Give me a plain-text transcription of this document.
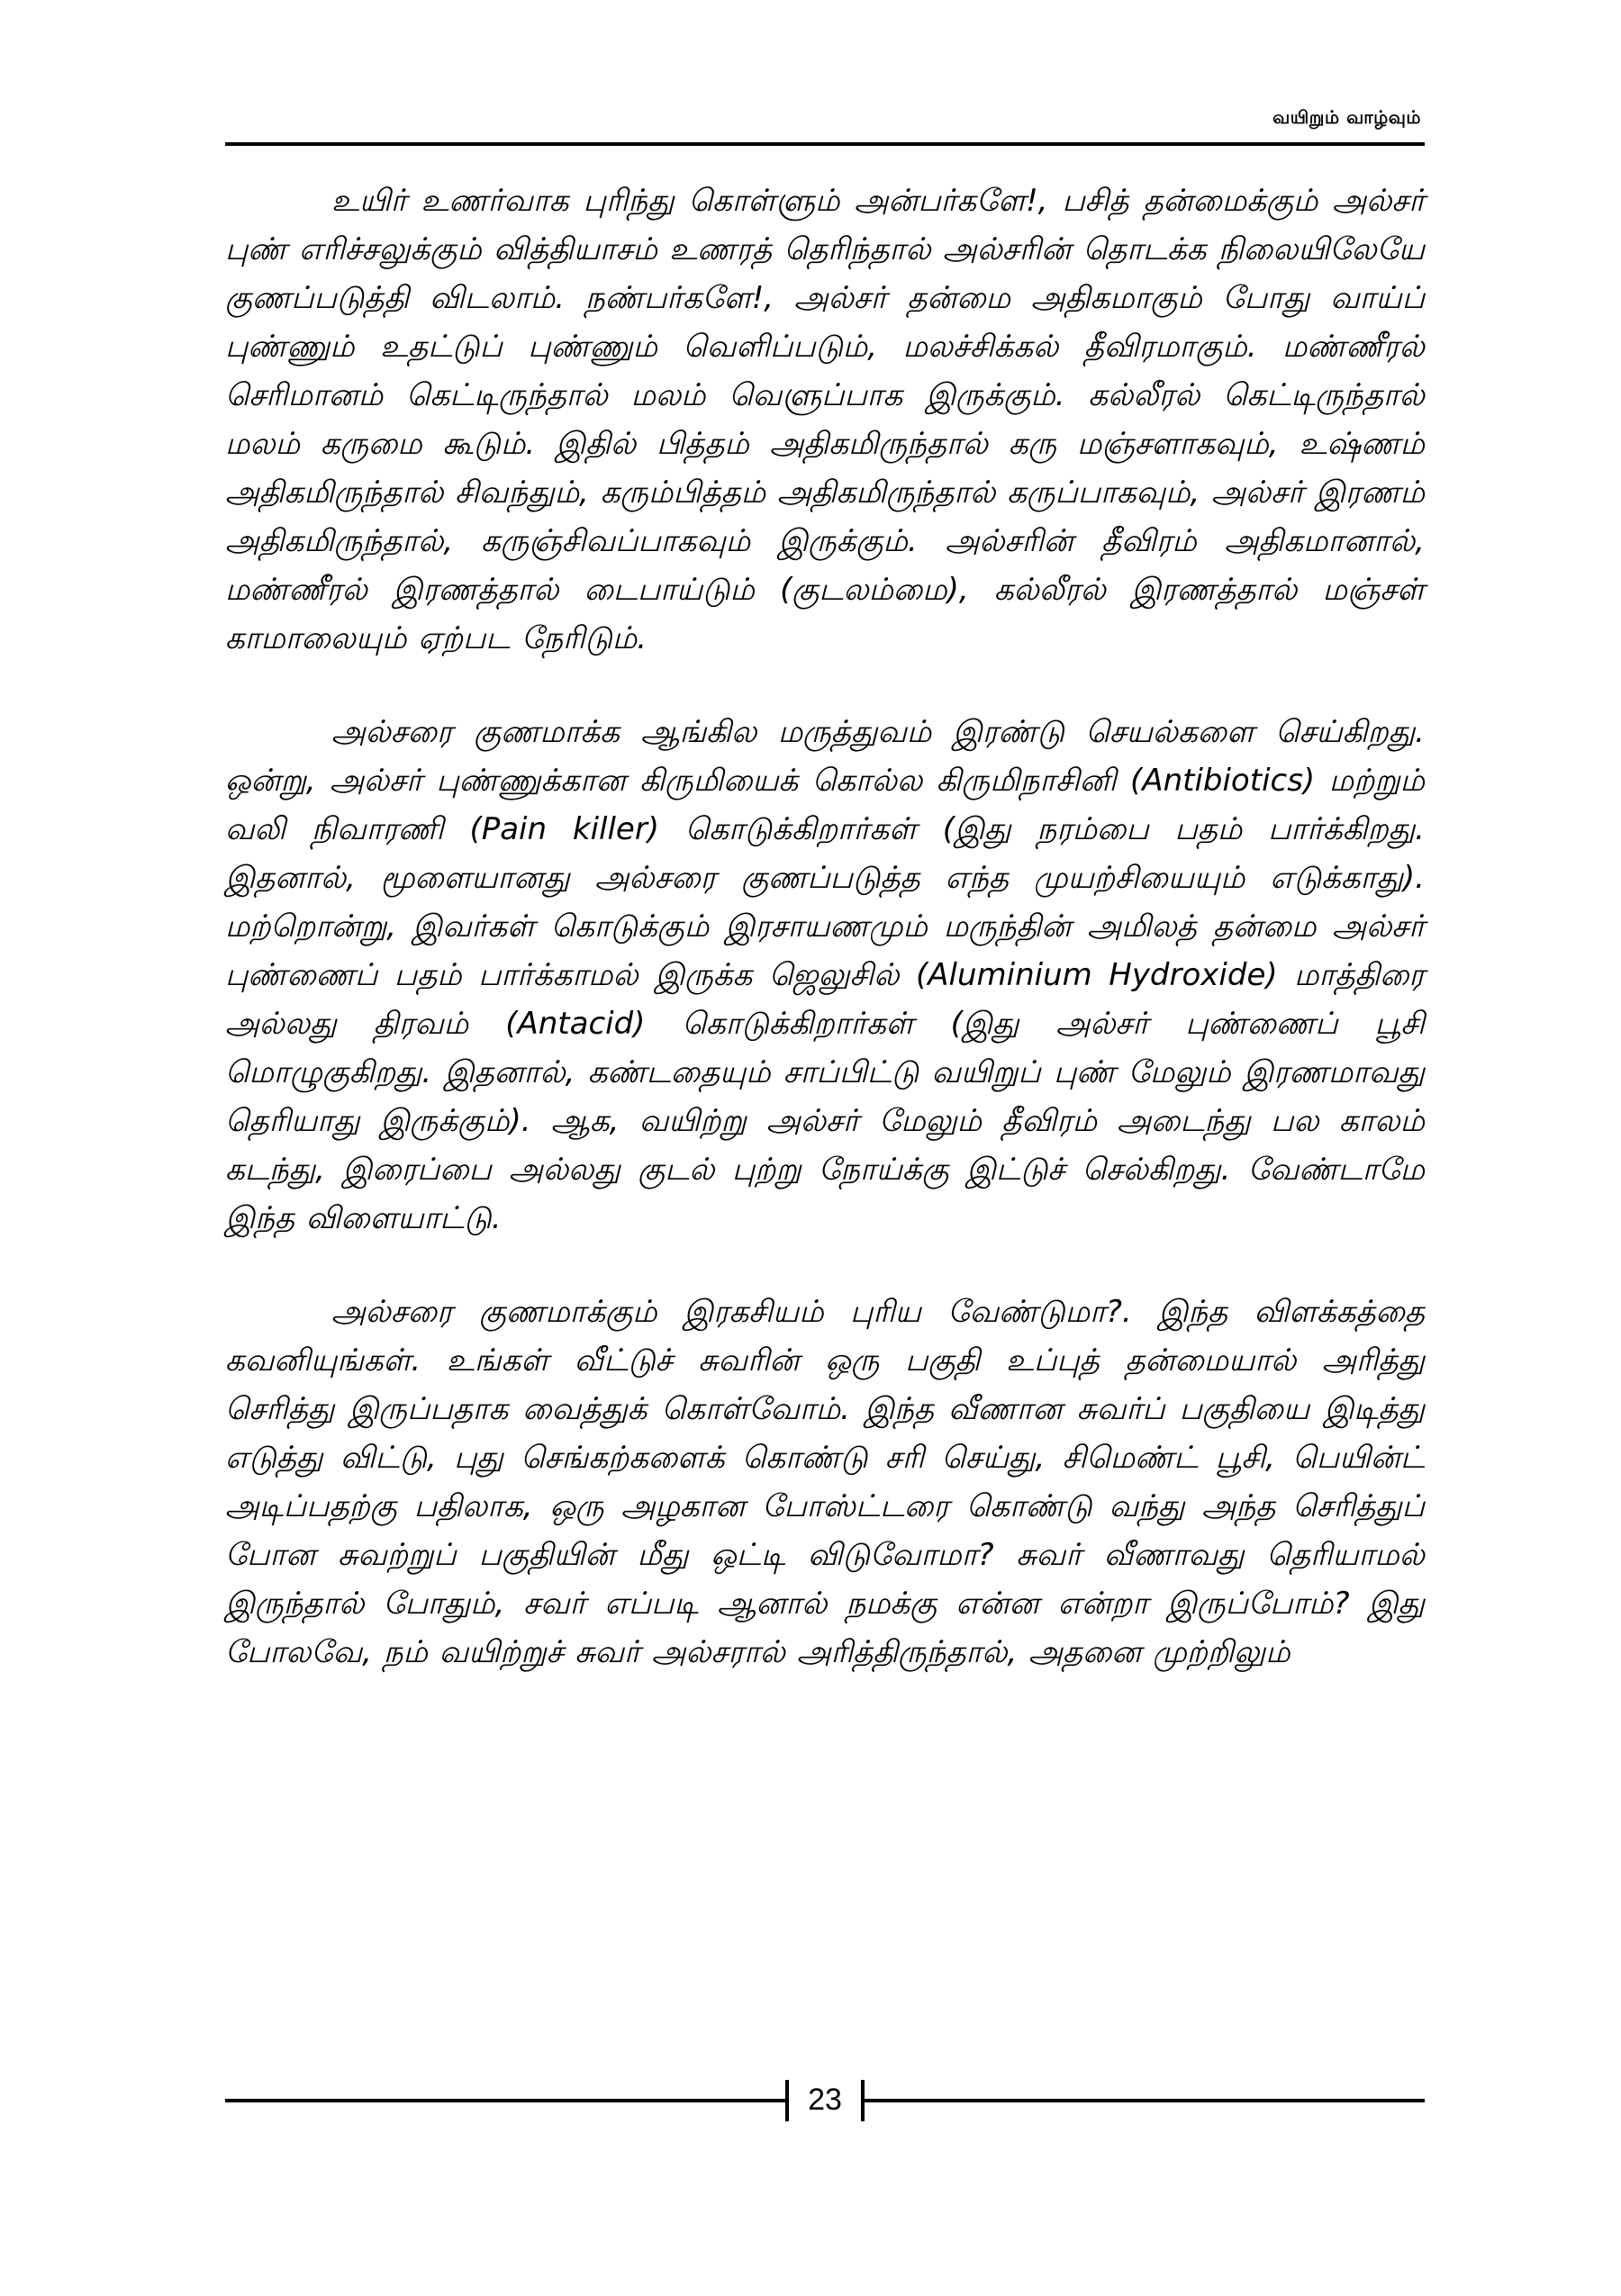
வயிறும் வாழ்வும்

உயிர் உணர்வாக புரிந்து கொள்ளும் அன்பர்களே!, பசித் தன்மைக்கும் அல்சர் புண் எரிச்சலுக்கும் வித்தியாசம் உணரத் தெரிந்தால் அல்சரின் தொடக்க நிலையிலேயே குணப்படுத்தி விடலாம். நண்பர்களே!, அல்சர் தன்மை அதிகமாகும் போது வாய்ப் புண்ணும் உதட்டுப் புண்ணும் வெளிப்படும், மலச்சிக்கல் தீவிரமாகும். மண்ணீரல் செரிமானம் கெட்டிருந்தால் மலம் வெளுப்பாக இருக்கும். கல்லீரல் கெட்டிருந்தால் மலம் கருமை கூடும். இதில் பித்தம் அதிகமிருந்தால் கரு மஞ்சளாகவும், உஷ்ணம் அதிகமிருந்தால் சிவந்தும், கரும்பித்தம் அதிகமிருந்தால் கருப்பாகவும், அல்சர் இரணம் அதிகமிருந்தால், கருஞ்சிவப்பாகவும் இருக்கும். அல்சரின் தீவிரம் அதிகமானால், மண்ணீரல் இரணத்தால் டைபாய்டும் (குடலம்மை), கல்லீரல் இரணத்தால் மஞ்சள் காமாலையும் ஏற்பட நேரிடும்.

அல்சரை குணமாக்க ஆங்கில மருத்துவம் இரண்டு செயல்களை செய்கிறது. ஒன்று, அல்சர் புண்ணுக்கான கிருமியைக் கொல்ல கிருமிநாசினி (Antibiotics) மற்றும் வலி நிவாரணி (Pain killer) கொடுக்கிறார்கள் (இது நரம்பை பதம் பார்க்கிறது. இதனால், மூளையானது அல்சரை குணப்படுத்த எந்த முயற்சியையும் எடுக்காது). மற்றொன்று, இவர்கள் கொடுக்கும் இரசாயணமும் மருந்தின் அமிலத் தன்மை அல்சர் புண்ணைப் பதம் பார்க்காமல் இருக்க ஜெலுசில் (Aluminium Hydroxide) மாத்திரை அல்லது திரவம் (Antacid) கொடுக்கிறார்கள் (இது அல்சர் புண்ணைப் பூசி மொழுகுகிறது. இதனால், கண்டதையும் சாப்பிட்டு வயிறுப் புண் மேலும் இரணமாவது தெரியாது இருக்கும்). ஆக, வயிற்று அல்சர் மேலும் தீவிரம் அடைந்து பல காலம் கடந்து, இரைப்பை அல்லது குடல் புற்று நோய்க்கு இட்டுச் செல்கிறது. வேண்டாமே இந்த விளையாட்டு.

அல்சரை குணமாக்கும் இரகசியம் புரிய வேண்டுமா?. இந்த விளக்கத்தை கவனியுங்கள். உங்கள் வீட்டுச் சுவரின் ஒரு பகுதி உப்புத் தன்மையால் அரித்து செரித்து இருப்பதாக வைத்துக் கொள்வோம். இந்த வீணான சுவர்ப் பகுதியை இடித்து எடுத்து விட்டு, புது செங்கற்களைக் கொண்டு சரி செய்து, சிமெண்ட் பூசி, பெயின்ட் அடிப்பதற்கு பதிலாக, ஒரு அழகான போஸ்ட்டரை கொண்டு வந்து அந்த செரித்துப் போன சுவற்றுப் பகுதியின் மீது ஒட்டி விடுவோமா? சுவர் வீணாவது தெரியாமல் இருந்தால் போதும், சவர் எப்படி ஆனால் நமக்கு என்ன என்றா இருப்போம்? இது போலவே, நம் வயிற்றுச் சுவர் அல்சரால் அரித்திருந்தால், அதனை முற்றிலும்

23
